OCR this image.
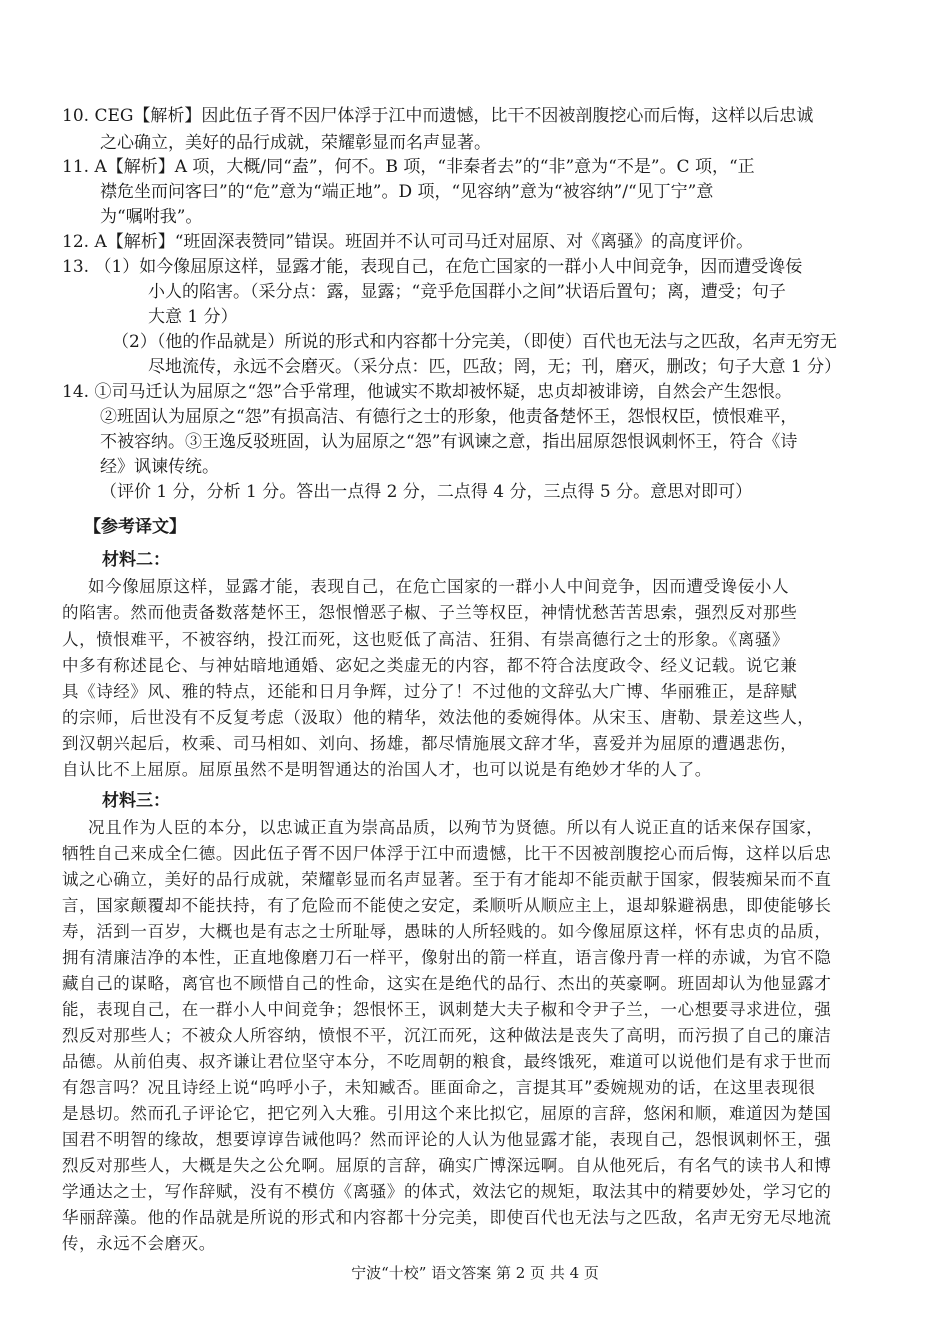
10. CEG【解析】因此伍子胥不因尸体浮于江中而遗憾，比干不因被剖腹挖心而后悔，这样以后忠诚
之心确立，美好的品行成就，荣耀彰显而名声显著。
11. A【解析】A 项，大概/同“盍”，何不。B 项，“非秦者去”的“非”意为“不是”。C 项，“正
襟危坐而问客曰”的“危”意为“端正地”。D 项，“见容纳”意为“被容纳”/“见丁宁”意
为“嘱咐我”。
12. A【解析】“班固深表赞同”错误。班固并不认可司马迁对屈原、对《离骚》的高度评价。
13. （1）如今像屈原这样，显露才能，表现自己，在危亡国家的一群小人中间竞争，因而遭受谗佞
小人的陷害。（采分点：露，显露；“竞乎危国群小之间”状语后置句；离，遭受；句子
大意 1 分）
（2）（他的作品就是）所说的形式和内容都十分完美，（即使）百代也无法与之匹敌，名声无穷无
尽地流传，永远不会磨灭。（采分点：匹，匹敌；罔，无；刊，磨灭，删改；句子大意 1 分）
14. ①司马迁认为屈原之“怨”合乎常理，他诚实不欺却被怀疑，忠贞却被诽谤，自然会产生怨恨。
②班固认为屈原之“怨”有损高洁、有德行之士的形象，他责备楚怀王，怨恨权臣，愤恨难平，
不被容纳。③王逸反驳班固，认为屈原之“怨”有讽谏之意，指出屈原怨恨讽刺怀王，符合《诗
经》讽谏传统。
（评价 1 分，分析 1 分。答出一点得 2 分，二点得 4 分，三点得 5 分。意思对即可）
【参考译文】
材料二：
如今像屈原这样，显露才能，表现自己，在危亡国家的一群小人中间竞争，因而遭受谗佞小人
的陷害。然而他责备数落楚怀王，怨恨憎恶子椒、子兰等权臣，神情忧愁苦苦思索，强烈反对那些
人，愤恨难平，不被容纳，投江而死，这也贬低了高洁、狂狷、有崇高德行之士的形象。《离骚》
中多有称述昆仑、与神姑暗地通婚、宓妃之类虚无的内容，都不符合法度政令、经义记载。说它兼
具《诗经》风、雅的特点，还能和日月争辉，过分了！不过他的文辞弘大广博、华丽雅正，是辞赋
的宗师，后世没有不反复考虑（汲取）他的精华，效法他的委婉得体。从宋玉、唐勒、景差这些人，
到汉朝兴起后，枚乘、司马相如、刘向、扬雄，都尽情施展文辞才华，喜爱并为屈原的遭遇悲伤，
自认比不上屈原。屈原虽然不是明智通达的治国人才，也可以说是有绝妙才华的人了。
材料三：
况且作为人臣的本分，以忠诚正直为崇高品质，以殉节为贤德。所以有人说正直的话来保存国家，
牺牲自己来成全仁德。因此伍子胥不因尸体浮于江中而遗憾，比干不因被剖腹挖心而后悔，这样以后忠
诚之心确立，美好的品行成就，荣耀彰显而名声显著。至于有才能却不能贡献于国家，假装痴呆而不直
言，国家颠覆却不能扶持，有了危险而不能使之安定，柔顺听从顺应主上，退却躲避祸患，即使能够长
寿，活到一百岁，大概也是有志之士所耻辱，愚昧的人所轻贱的。如今像屈原这样，怀有忠贞的品质，
拥有清廉洁净的本性，正直地像磨刀石一样平，像射出的箭一样直，语言像丹青一样的赤诚，为官不隐
藏自己的谋略，离官也不顾惜自己的性命，这实在是绝代的品行、杰出的英豪啊。班固却认为他显露才
能，表现自己，在一群小人中间竞争；怨恨怀王，讽刺楚大夫子椒和令尹子兰，一心想要寻求进位，强
烈反对那些人；不被众人所容纳，愤恨不平，沉江而死，这种做法是丧失了高明，而污损了自己的廉洁
品德。从前伯夷、叔齐谦让君位坚守本分，不吃周朝的粮食，最终饿死，难道可以说他们是有求于世而
有怨言吗？况且诗经上说“呜呼小子，未知臧否。匪面命之，言提其耳”委婉规劝的话，在这里表现很
是恳切。然而孔子评论它，把它列入大雅。引用这个来比拟它，屈原的言辞，悠闲和顺，难道因为楚国
国君不明智的缘故，想要谆谆告诫他吗？然而评论的人认为他显露才能，表现自己，怨恨讽刺怀王，强
烈反对那些人，大概是失之公允啊。屈原的言辞，确实广博深远啊。自从他死后，有名气的读书人和博
学通达之士，写作辞赋，没有不模仿《离骚》的体式，效法它的规矩，取法其中的精要妙处，学习它的
华丽辞藻。他的作品就是所说的形式和内容都十分完美，即使百代也无法与之匹敌，名声无穷无尽地流
传，永远不会磨灭。
宁波“十校” 语文答案 第 2 页 共 4 页
